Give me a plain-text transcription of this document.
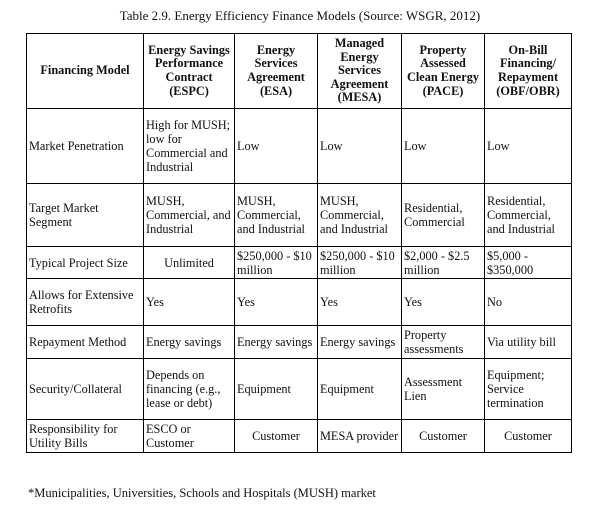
Table 2.9. Energy Efficiency Finance Models (Source: WSGR, 2012)
Financing Model	Energy Savings Performance Contract (ESPC)	Energy Services Agreement (ESA)	Managed Energy Services Agreement (MESA)	Property Assessed Clean Energy (PACE)	On-Bill Financing/ Repayment (OBF/OBR)
Market Penetration	High for MUSH; low for Commercial and Industrial	Low	Low	Low	Low
Target Market Segment	MUSH, Commercial, and Industrial	MUSH, Commercial, and Industrial	MUSH, Commercial, and Industrial	Residential, Commercial	Residential, Commercial, and Industrial
Typical Project Size	Unlimited	$250,000 - $10 million	$250,000 - $10 million	$2,000 - $2.5 million	$5,000 - $350,000
Allows for Extensive Retrofits	Yes	Yes	Yes	Yes	No
Repayment Method	Energy savings	Energy savings	Energy savings	Property assessments	Via utility bill
Security/Collateral	Depends on financing (e.g., lease or debt)	Equipment	Equipment	Assessment Lien	Equipment; Service termination
Responsibility for Utility Bills	ESCO or Customer	Customer	MESA provider	Customer	Customer
*Municipalities, Universities, Schools and Hospitals (MUSH) market
